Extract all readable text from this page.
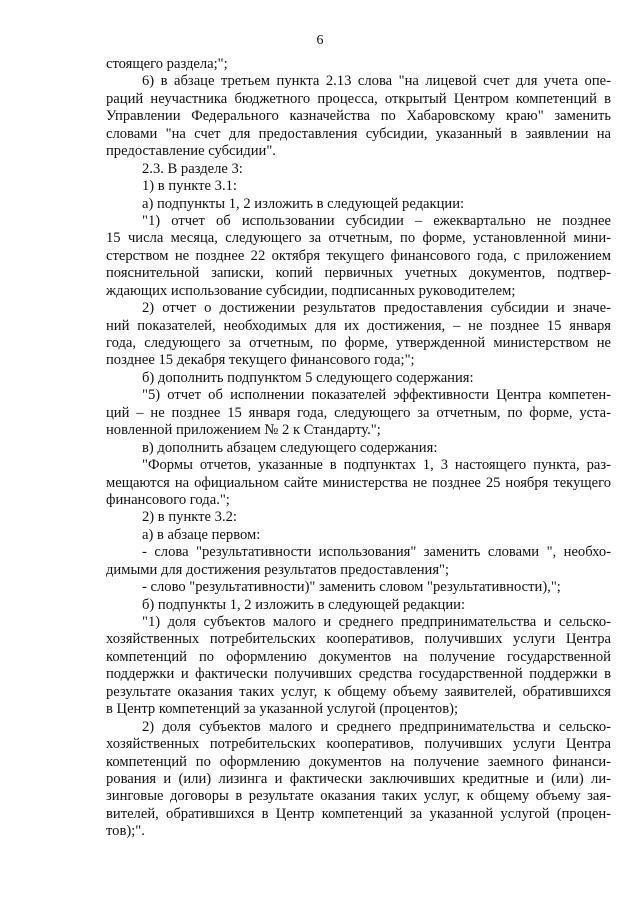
6
стоящего раздела;";
6) в абзаце третьем пункта 2.13 слова "на лицевой счет для учета опе-
раций неучастника бюджетного процесса, открытый Центром компетенций в
Управлении Федерального казначейства по Хабаровскому краю" заменить
словами "на счет для предоставления субсидии, указанный в заявлении на
предоставление субсидии".
2.3. В разделе 3:
1) в пункте 3.1:
а) подпункты 1, 2 изложить в следующей редакции:
"1) отчет об использовании субсидии – ежеквартально не позднее
15 числа месяца, следующего за отчетным, по форме, установленной мини-
стерством не позднее 22 октября текущего финансового года, с приложением
пояснительной записки, копий первичных учетных документов, подтвер-
ждающих использование субсидии, подписанных руководителем;
2) отчет о достижении результатов предоставления субсидии и значе-
ний показателей, необходимых для их достижения, – не позднее 15 января
года, следующего за отчетным, по форме, утвержденной министерством не
позднее 15 декабря текущего финансового года;";
б) дополнить подпунктом 5 следующего содержания:
"5) отчет об исполнении показателей эффективности Центра компетен-
ций – не позднее 15 января года, следующего за отчетным, по форме, уста-
новленной приложением № 2 к Стандарту.";
в) дополнить абзацем следующего содержания:
"Формы отчетов, указанные в подпунктах 1, 3 настоящего пункта, раз-
мещаются на официальном сайте министерства не позднее 25 ноября текущего
финансового года.";
2) в пункте 3.2:
а) в абзаце первом:
- слова "результативности использования" заменить словами ", необхо-
димыми для достижения результатов предоставления";
- слово "результативности)" заменить словом "результативности),";
б) подпункты 1, 2 изложить в следующей редакции:
"1) доля субъектов малого и среднего предпринимательства и сельско-
хозяйственных потребительских кооперативов, получивших услуги Центра
компетенций по оформлению документов на получение государственной
поддержки и фактически получивших средства государственной поддержки в
результате оказания таких услуг, к общему объему заявителей, обратившихся
в Центр компетенций за указанной услугой (процентов);
2) доля субъектов малого и среднего предпринимательства и сельско-
хозяйственных потребительских кооперативов, получивших услуги Центра
компетенций по оформлению документов на получение заемного финанси-
рования и (или) лизинга и фактически заключивших кредитные и (или) ли-
зинговые договоры в результате оказания таких услуг, к общему объему зая-
вителей, обратившихся в Центр компетенций за указанной услугой (процен-
тов);".
